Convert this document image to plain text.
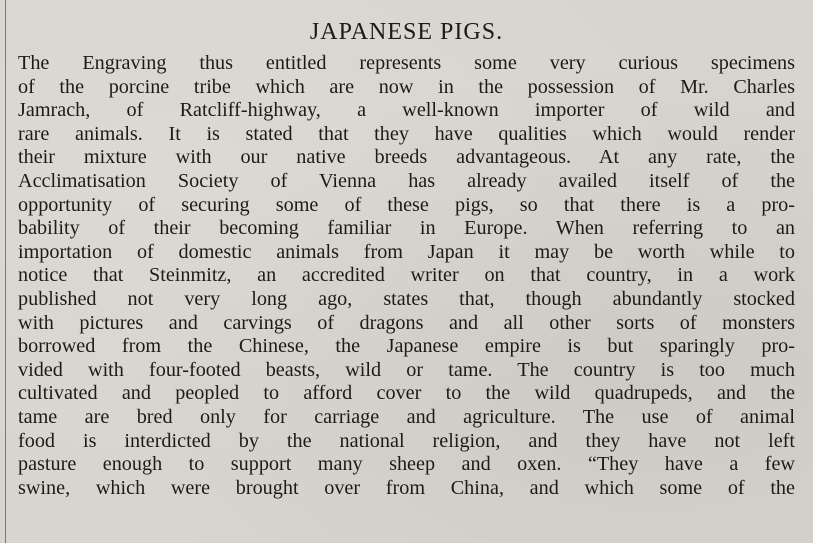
JAPANESE PIGS.
The Engraving thus entitled represents some very curious specimens
of the porcine tribe which are now in the possession of Mr. Charles
Jamrach, of Ratcliff-highway, a well-known importer of wild and
rare animals. It is stated that they have qualities which would render
their mixture with our native breeds advantageous. At any rate, the
Acclimatisation Society of Vienna has already availed itself of the
opportunity of securing some of these pigs, so that there is a pro-
bability of their becoming familiar in Europe. When referring to an
importation of domestic animals from Japan it may be worth while to
notice that Steinmitz, an accredited writer on that country, in a work
published not very long ago, states that, though abundantly stocked
with pictures and carvings of dragons and all other sorts of monsters
borrowed from the Chinese, the Japanese empire is but sparingly pro-
vided with four-footed beasts, wild or tame. The country is too much
cultivated and peopled to afford cover to the wild quadrupeds, and the
tame are bred only for carriage and agriculture. The use of animal
food is interdicted by the national religion, and they have not left
pasture enough to support many sheep and oxen. “They have a few
swine, which were brought over from China, and which some of the
